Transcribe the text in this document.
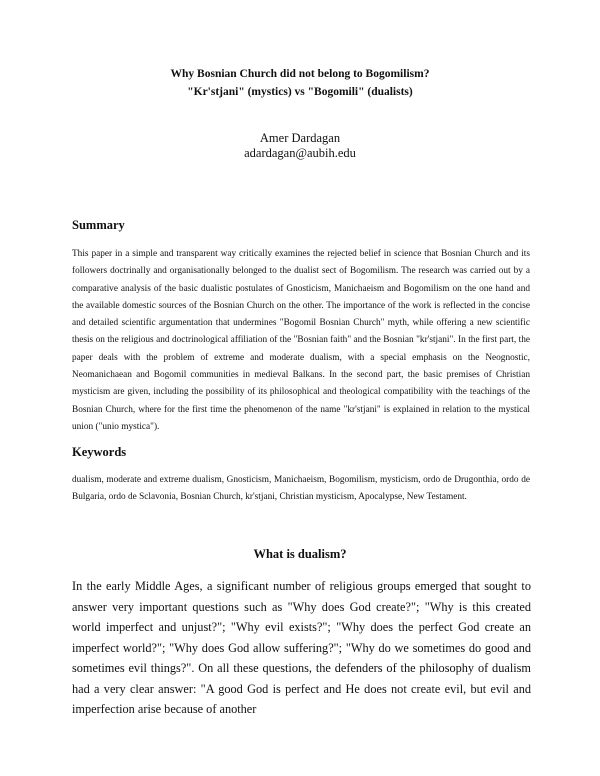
Why Bosnian Church did not belong to Bogomilism?
"Kr'stjani" (mystics) vs "Bogomili" (dualists)
Amer Dardagan
adardagan@aubih.edu
Summary

This paper in a simple and transparent way critically examines the rejected belief in science that Bosnian Church and its followers doctrinally and organisationally belonged to the dualist sect of Bogomilism. The research was carried out by a comparative analysis of the basic dualistic postulates of Gnosticism, Manichaeism and Bogomilism on the one hand and the available domestic sources of the Bosnian Church on the other. The importance of the work is reflected in the concise and detailed scientific argumentation that undermines "Bogomil Bosnian Church" myth, while offering a new scientific thesis on the religious and doctrinological affiliation of the "Bosnian faith" and the Bosnian "kr'stjani". In the first part, the paper deals with the problem of extreme and moderate dualism, with a special emphasis on the Neognostic, Neomanichaean and Bogomil communities in medieval Balkans. In the second part, the basic premises of Christian mysticism are given, including the possibility of its philosophical and theological compatibility with the teachings of the Bosnian Church, where for the first time the phenomenon of the name "kr'stjani" is explained in relation to the mystical union ("unio mystica").

Keywords

dualism, moderate and extreme dualism, Gnosticism, Manichaeism, Bogomilism, mysticism, ordo de Drugonthia, ordo de Bulgaria, ordo de Sclavonia, Bosnian Church, kr'stjani, Christian mysticism, Apocalypse, New Testament.

What is dualism?

In the early Middle Ages, a significant number of religious groups emerged that sought to answer very important questions such as "Why does God create?"; "Why is this created world imperfect and unjust?"; "Why evil exists?"; "Why does the perfect God create an imperfect world?"; "Why does God allow suffering?"; "Why do we sometimes do good and sometimes evil things?". On all these questions, the defenders of the philosophy of dualism had a very clear answer: "A good God is perfect and He does not create evil, but evil and imperfection arise because of another
